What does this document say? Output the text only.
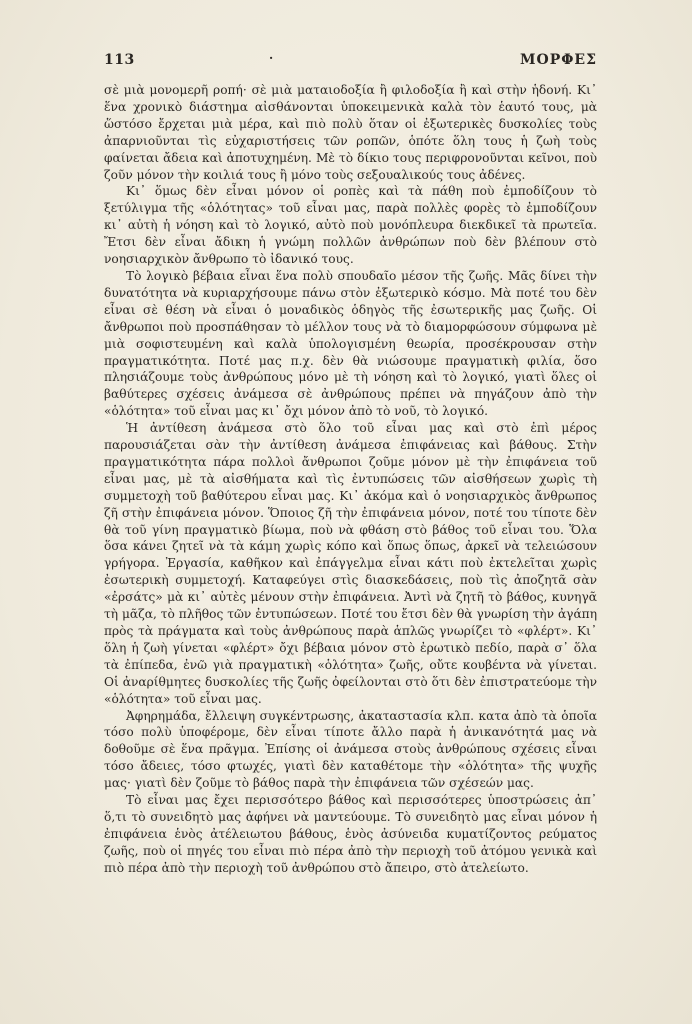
113	·	ΜΟΡΦΕΣ

σὲ μιὰ μονομερῆ ροπή· σὲ μιὰ ματαιοδοξία ἢ φιλοδοξία ἢ καὶ στὴν ἡδονή. Κι᾿ ἕνα χρονικὸ διάστημα αἰσθάνονται ὑποκειμενικὰ καλὰ τὸν ἑαυτό τους, μὰ ὥστόσο ἔρχεται μιὰ μέρα, καὶ πιὸ πολὺ ὅταν οἱ ἐξωτερικὲς δυσκολίες τοὺς ἀπαρνιοῦνται τὶς εὐχαριστήσεις τῶν ροπῶν, ὁπότε ὅλη τους ἡ ζωὴ τοὺς φαίνεται ἄδεια καὶ ἀποτυχημένη. Μὲ τὸ δίκιο τους περιφρονοῦνται κεῖνοι, ποὺ ζοῦν μόνον τὴν κοιλιά τους ἢ μόνο τοὺς σεξουαλικούς τους ἀδένες.

Κι᾿ ὅμως δὲν εἶναι μόνον οἱ ροπὲς καὶ τὰ πάθη ποὺ ἐμποδίζουν τὸ ξετύλιγμα τῆς «ὁλότητας» τοῦ εἶναι μας, παρὰ πολλὲς φορὲς τὸ ἐμποδίζουν κι᾿ αὐτὴ ἡ νόηση καὶ τὸ λογικό, αὐτὸ ποὺ μονόπλευρα διεκδικεῖ τὰ πρωτεῖα. Ἔτσι δὲν εἶναι ἄδικη ἡ γνώμη πολλῶν ἀνθρώπων ποὺ δὲν βλέπουν στὸ νοησιαρχικὸν ἄνθρωπο τὸ ἰδανικό τους.

Τὸ λογικὸ βέβαια εἶναι ἕνα πολὺ σπουδαῖο μέσον τῆς ζωῆς. Μᾶς δίνει τὴν δυνατότητα νὰ κυριαρχήσουμε πάνω στὸν ἐξωτερικὸ κόσμο. Μὰ ποτέ του δὲν εἶναι σὲ θέση νὰ εἶναι ὁ μοναδικὸς ὁδηγὸς τῆς ἐσωτερικῆς μας ζωῆς. Οἱ ἄνθρωποι ποὺ προσπάθησαν τὸ μέλλον τους νὰ τὸ διαμορφώσουν σύμφωνα μὲ μιὰ σοφιστευμένη καὶ καλὰ ὑπολογισμένη θεωρία, προσέκρουσαν στὴν πραγματικότητα. Ποτέ μας π.χ. δὲν θὰ νιώσουμε πραγματικὴ φιλία, ὅσο πλησιάζουμε τοὺς ἀνθρώπους μόνο μὲ τὴ νόηση καὶ τὸ λογικό, γιατὶ ὅλες οἱ βαθύτερες σχέσεις ἀνάμεσα σὲ ἀνθρώπους πρέπει νὰ πηγάζουν ἀπὸ τὴν «ὁλότητα» τοῦ εἶναι μας κι᾿ ὄχι μόνον ἀπὸ τὸ νοῦ, τὸ λογικό.

Ἡ ἀντίθεση ἀνάμεσα στὸ ὅλο τοῦ εἶναι μας καὶ στὸ ἐπὶ μέρος παρουσιάζεται σὰν τὴν ἀντίθεση ἀνάμεσα ἐπιφάνειας καὶ βάθους. Στὴν πραγματικότητα πάρα πολλοὶ ἄνθρωποι ζοῦμε μόνον μὲ τὴν ἐπιφάνεια τοῦ εἶναι μας, μὲ τὰ αἰσθήματα καὶ τὶς ἐντυπώσεις τῶν αἰσθήσεων χωρὶς τὴ συμμετοχὴ τοῦ βαθύτερου εἶναι μας. Κι᾿ ἀκόμα καὶ ὁ νοησιαρχικὸς ἄνθρωπος ζῆ στὴν ἐπιφάνεια μόνον. Ὅποιος ζῆ τὴν ἐπιφάνεια μόνον, ποτέ του τίποτε δὲν θὰ τοῦ γίνη πραγματικὸ βίωμα, ποὺ νὰ φθάση στὸ βάθος τοῦ εἶναι του. Ὅλα ὅσα κάνει ζητεῖ νὰ τὰ κάμη χωρὶς κόπο καὶ ὅπως ὅπως, ἀρκεῖ νὰ τελειώσουν γρήγορα. Ἐργασία, καθῆκον καὶ ἐπάγγελμα εἶναι κάτι ποὺ ἐκτελεῖται χωρὶς ἐσωτερικὴ συμμετοχή. Καταφεύγει στὶς διασκεδάσεις, ποὺ τὶς ἀποζητᾶ σὰν «ἐρσάτς» μὰ κι᾿ αὐτὲς μένουν στὴν ἐπιφάνεια. Ἀντὶ νὰ ζητῆ τὸ βάθος, κυνηγᾶ τὴ μᾶζα, τὸ πλῆθος τῶν ἐντυπώσεων. Ποτέ του ἔτσι δὲν θὰ γνωρίση τὴν ἀγάπη πρὸς τὰ πράγματα καὶ τοὺς ἀνθρώπους παρὰ ἁπλῶς γνωρίζει τὸ «φλέρτ». Κι᾿ ὅλη ἡ ζωὴ γίνεται «φλέρτ» ὄχι βέβαια μόνον στὸ ἐρωτικὸ πεδίο, παρὰ σ᾿ ὅλα τὰ ἐπίπεδα, ἐνῶ γιὰ πραγματικὴ «ὁλότητα» ζωῆς, οὔτε κουβέντα νὰ γίνεται. Οἱ ἀναρίθμητες δυσκολίες τῆς ζωῆς ὀφείλονται στὸ ὅτι δὲν ἐπιστρατεύομε τὴν «ὁλότητα» τοῦ εἶναι μας.

Ἀφηρημάδα, ἔλλειψη συγκέντρωσης, ἀκαταστασία κλπ. κατα ἀπὸ τὰ ὁποῖα τόσο πολὺ ὑποφέρομε, δὲν εἶναι τίποτε ἄλλο παρὰ ἡ ἀνικανότητά μας νὰ δοθοῦμε σὲ ἕνα πρᾶγμα. Ἐπίσης οἱ ἀνάμεσα στοὺς ἀνθρώπους σχέσεις εἶναι τόσο ἄδειες, τόσο φτωχές, γιατὶ δὲν καταθέτομε τὴν «ὁλότητα» τῆς ψυχῆς μας· γιατὶ δὲν ζοῦμε τὸ βάθος παρὰ τὴν ἐπιφάνεια τῶν σχέσεών μας.

Τὸ εἶναι μας ἔχει περισσότερο βάθος καὶ περισσότερες ὑποστρώσεις ἀπ᾿ ὅ,τι τὸ συνειδητὸ μας ἀφήνει νὰ μαντεύουμε. Τὸ συνειδητὸ μας εἶναι μόνον ἡ ἐπιφάνεια ἑνὸς ἀτέλειωτου βάθους, ἑνὸς ἀσύνειδα κυματίζοντος ρεύματος ζωῆς, ποὺ οἱ πηγές του εἶναι πιὸ πέρα ἀπὸ τὴν περιοχὴ τοῦ ἀτόμου γενικὰ καὶ πιὸ πέρα ἀπὸ τὴν περιοχὴ τοῦ ἀνθρώπου στὸ ἄπειρο, στὸ ἀτελείωτο.
